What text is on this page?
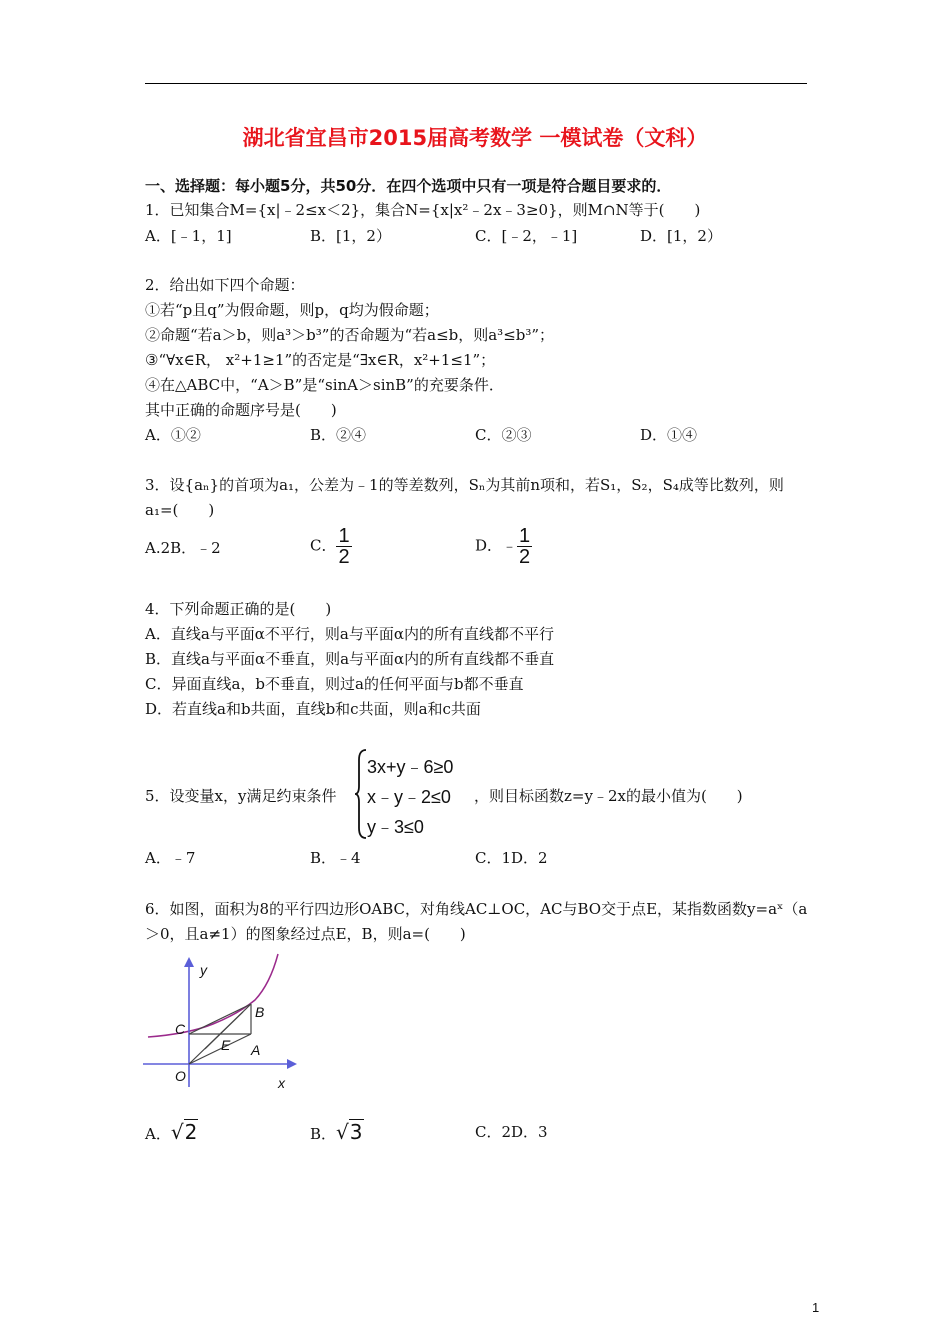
湖北省宜昌市2015届高考数学 一模试卷（文科）
一、选择题：每小题5分，共50分．在四个选项中只有一项是符合题目要求的．
1．已知集合M={x|﹣2≤x＜2}，集合N={x|x²﹣2x﹣3≥0}，则M∩N等于(　　)
A．[﹣1，1]	B．[1，2）	C．[﹣2，﹣1]	D．[1，2）
2．给出如下四个命题：
①若“p且q”为假命题，则p，q均为假命题；
②命题“若a＞b，则a³＞b³”的否命题为“若a≤b，则a³≤b³”；
③“∀x∈R， x²+1≥1”的否定是“∃x∈R，x²+1≤1”；
④在△ABC中，“A＞B”是“sinA＞sinB”的充要条件．
其中正确的命题序号是(　　)
A．①②	B．②④	C．②③	D．①④
3．设{aₙ}的首项为a₁，公差为﹣1的等差数列，Sₙ为其前n项和，若S₁，S₂，S₄成等比数列，则
a₁=(　　)
A.2B．﹣2	C． $\frac{1}{2}$	D．﹣ $\frac{1}{2}$
4．下列命题正确的是(　　)
A．直线a与平面α不平行，则a与平面α内的所有直线都不平行
B．直线a与平面α不垂直，则a与平面α内的所有直线都不垂直
C．异面直线a，b不垂直，则过a的任何平面与b都不垂直
D．若直线a和b共面，直线b和c共面，则a和c共面
5．设变量x，y满足约束条件
3x+y﹣6≥0
x﹣y﹣2≤0
y﹣3≤0
，则目标函数z=y﹣2x的最小值为(　　)
A．﹣7	B．﹣4	C．1D．2
6．如图，面积为8的平行四边形OABC，对角线AC⊥OC，AC与BO交于点E，某指数函数y=aˣ（a
＞0，且a≠1）的图象经过点E，B，则a=(　　)
y
x
O
C
B
E A
A．√2	B．√3	C．2D．3
1
